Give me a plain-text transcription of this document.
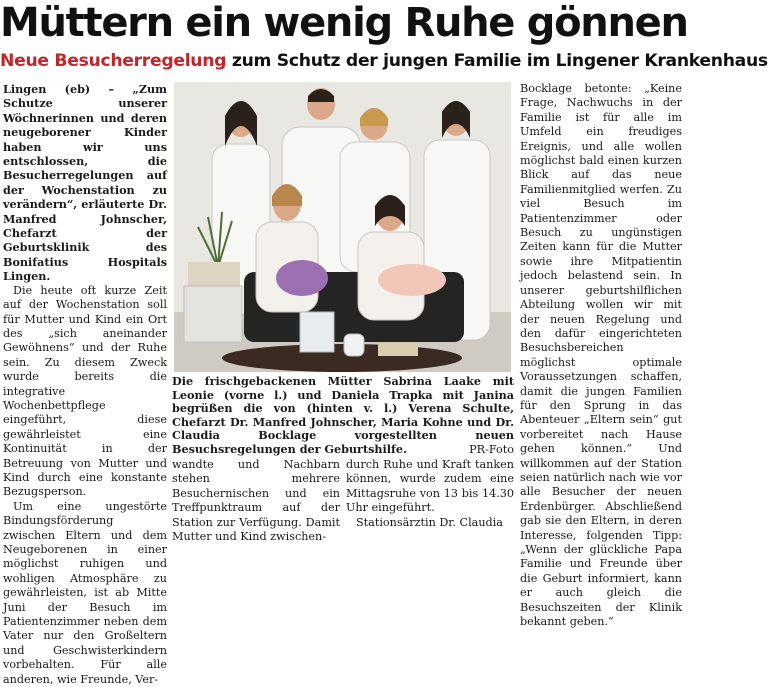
Müttern ein wenig Ruhe gönnen
Neue Besucherregelung zum Schutz der jungen Familie im Lingener Krankenhaus

Lingen (eb) – „Zum Schutze unserer Wöchnerinnen und deren neugeborener Kinder haben wir uns entschlossen, die Besucherregelungen auf der Wochenstation zu verändern“, erläuterte Dr. Manfred Johnscher, Chefarzt der Geburtsklinik des Bonifatius Hospitals Lingen.

Die heute oft kurze Zeit auf der Wochenstation soll für Mutter und Kind ein Ort des „sich aneinander Gewöhnens“ und der Ruhe sein. Zu diesem Zweck wurde bereits die integrative Wochenbettpflege eingeführt, diese gewährleistet eine Kontinuität in der Betreuung von Mutter und Kind durch eine konstante Bezugsperson.

Um eine ungestörte Bindungsförderung zwischen Eltern und dem Neugeborenen in einer möglichst ruhigen und wohligen Atmosphäre zu gewährleisten, ist ab Mitte Juni der Besuch im Patientenzimmer neben dem Vater nur den Großeltern und Geschwisterkindern vorbehalten. Für alle anderen, wie Freunde, Ver-

Die frischgebackenen Mütter Sabrina Laake mit Leonie (vorne l.) und Daniela Trapka mit Janina begrüßen die von (hinten v. l.) Verena Schulte, Chefarzt Dr. Manfred Johnscher, Maria Kohne und Dr. Claudia Bocklage vorgestellten neuen Besuchsregelungen der Geburtshilfe.	PR-Foto

wandte und Nachbarn stehen mehrere Besuchernischen und ein Treffpunktraum auf der Station zur Verfügung. Damit Mutter und Kind zwischen-

durch Ruhe und Kraft tanken können, wurde zudem eine Mittagsruhe von 13 bis 14.30 Uhr eingeführt.

Stationsärztin Dr. Claudia

Bocklage betonte: „Keine Frage, Nachwuchs in der Familie ist für alle im Umfeld ein freudiges Ereignis, und alle wollen möglichst bald einen kurzen Blick auf das neue Familienmitglied werfen. Zu viel Besuch im Patientenzimmer oder Besuch zu ungünstigen Zeiten kann für die Mutter sowie ihre Mitpatientin jedoch belastend sein. In unserer geburtshilflichen Abteilung wollen wir mit der neuen Regelung und den dafür eingerichteten Besuchsbereichen möglichst optimale Voraussetzungen schaffen, damit die jungen Familien für den Sprung in das Abenteuer „Eltern sein“ gut vorbereitet nach Hause gehen können.“ Und willkommen auf der Station seien natürlich nach wie vor alle Besucher der neuen Erdenbürger. Abschließend gab sie den Eltern, in deren Interesse, folgenden Tipp: „Wenn der glückliche Papa Familie und Freunde über die Geburt informiert, kann er auch gleich die Besuchszeiten der Klinik bekannt geben.“
